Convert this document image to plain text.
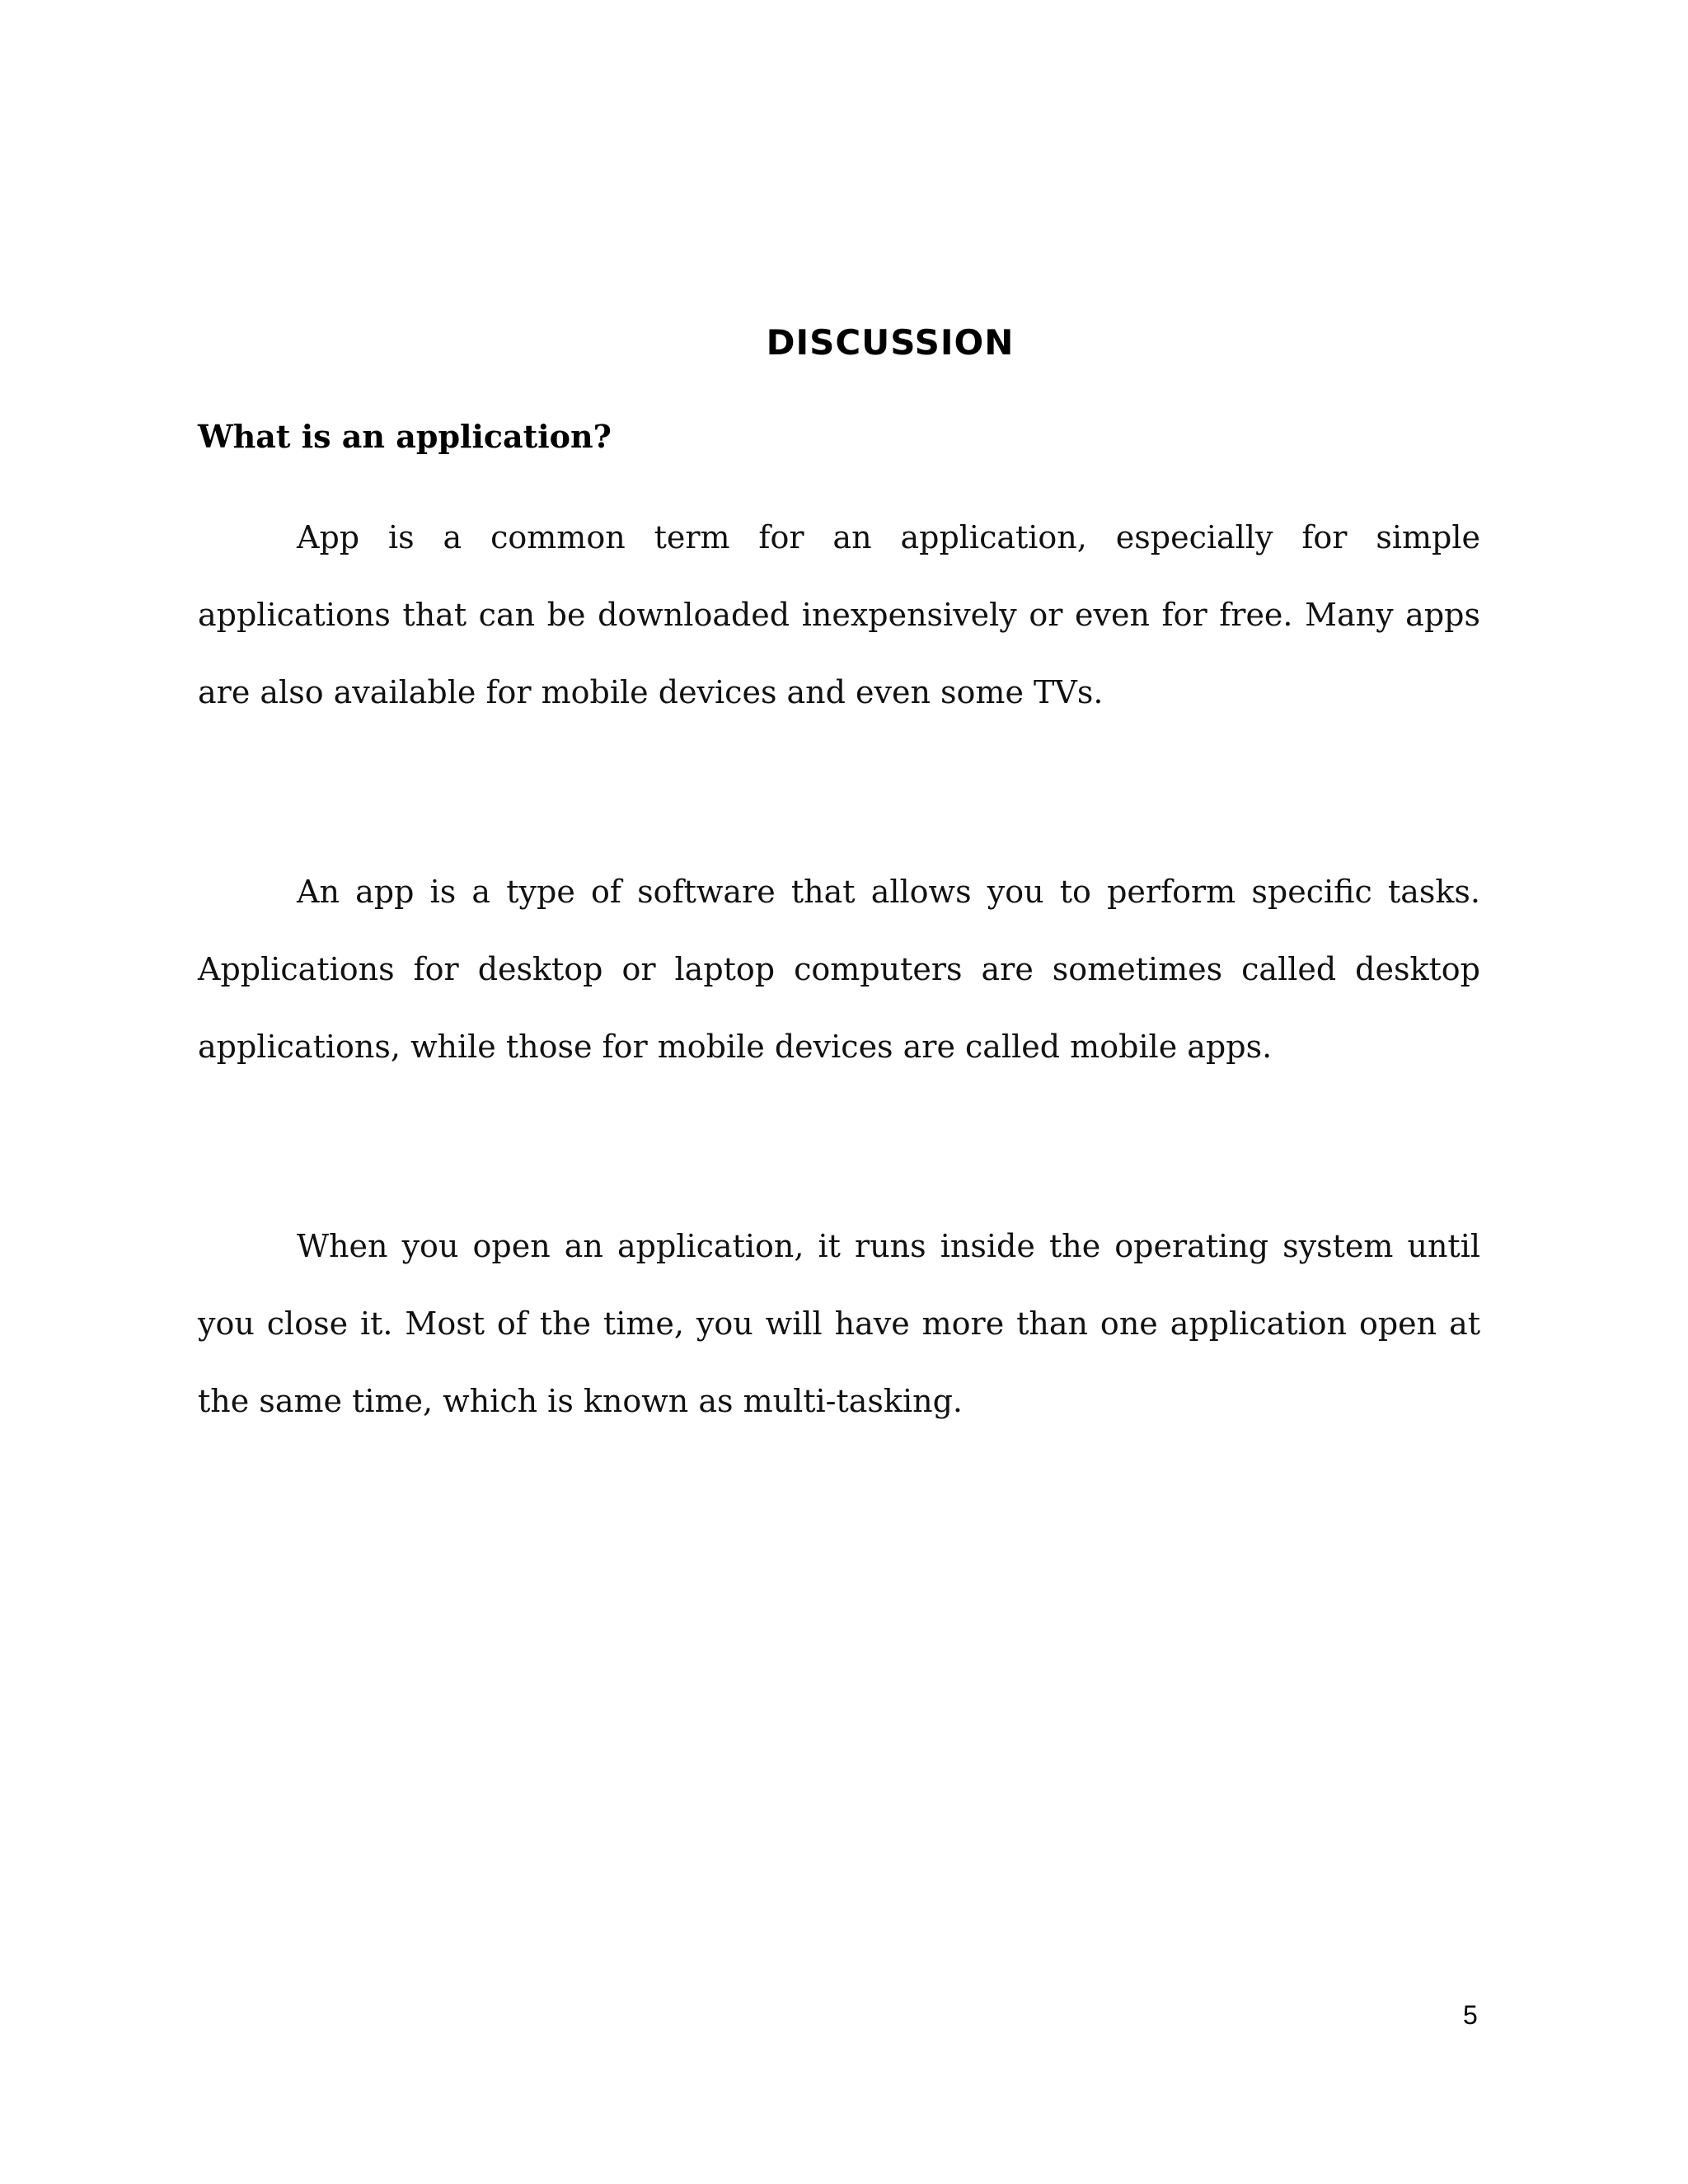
DISCUSSION
What is an application?

App is a common term for an application, especially for simple applications that can be downloaded inexpensively or even for free. Many apps are also available for mobile devices and even some TVs.

An app is a type of software that allows you to perform specific tasks. Applications for desktop or laptop computers are sometimes called desktop applications, while those for mobile devices are called mobile apps.

When you open an application, it runs inside the operating system until you close it. Most of the time, you will have more than one application open at the same time, which is known as multi-tasking.

5
